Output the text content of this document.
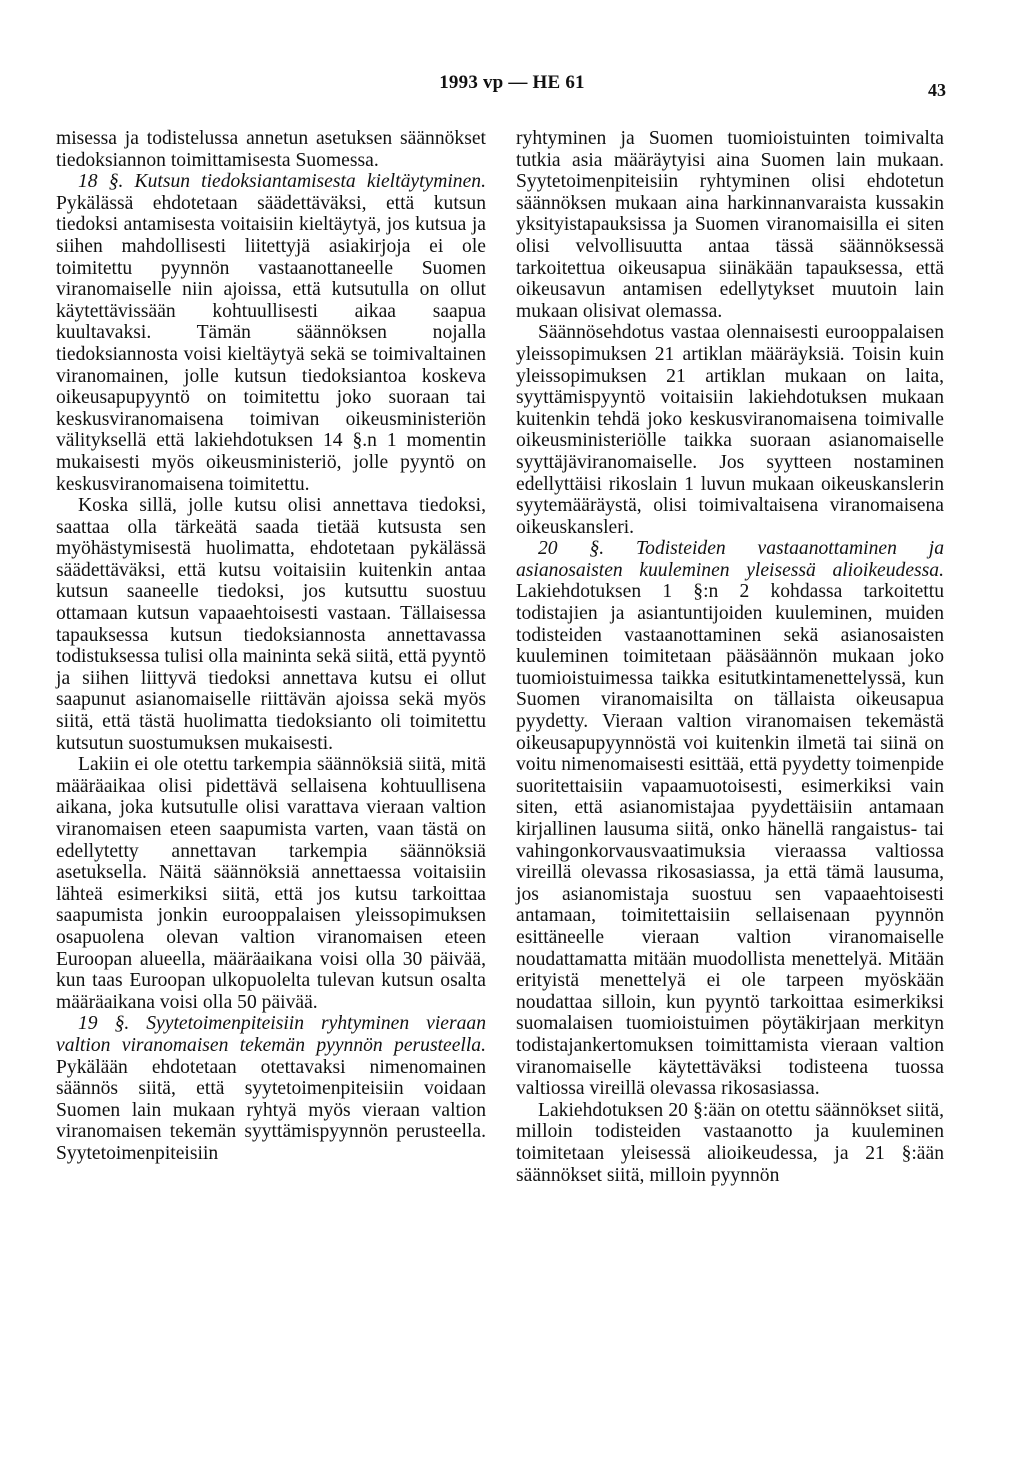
1993 vp — HE 61	43

misessa ja todistelussa annetun asetuksen säännökset tiedoksiannon toimittamisesta Suomessa.

18 §. Kutsun tiedoksiantamisesta kieltäytyminen. Pykälässä ehdotetaan säädettäväksi, että kutsun tiedoksi antamisesta voitaisiin kieltäytyä, jos kutsua ja siihen mahdollisesti liitettyjä asiakirjoja ei ole toimitettu pyynnön vastaanottaneelle Suomen viranomaiselle niin ajoissa, että kutsutulla on ollut käytettävissään kohtuullisesti aikaa saapua kuultavaksi. Tämän säännöksen nojalla tiedoksiannosta voisi kieltäytyä sekä se toimivaltainen viranomainen, jolle kutsun tiedoksiantoa koskeva oikeusapupyyntö on toimitettu joko suoraan tai keskusviranomaisena toimivan oikeusministeriön välityksellä että lakiehdotuksen 14 §.n 1 momentin mukaisesti myös oikeusministeriö, jolle pyyntö on keskusviranomaisena toimitettu.

Koska sillä, jolle kutsu olisi annettava tiedoksi, saattaa olla tärkeätä saada tietää kutsusta sen myöhästymisestä huolimatta, ehdotetaan pykälässä säädettäväksi, että kutsu voitaisiin kuitenkin antaa kutsun saaneelle tiedoksi, jos kutsuttu suostuu ottamaan kutsun vapaaehtoisesti vastaan. Tällaisessa tapauksessa kutsun tiedoksiannosta annettavassa todistuksessa tulisi olla maininta sekä siitä, että pyyntö ja siihen liittyvä tiedoksi annettava kutsu ei ollut saapunut asianomaiselle riittävän ajoissa sekä myös siitä, että tästä huolimatta tiedoksianto oli toimitettu kutsutun suostumuksen mukaisesti.

Lakiin ei ole otettu tarkempia säännöksiä siitä, mitä määräaikaa olisi pidettävä sellaisena kohtuullisena aikana, joka kutsutulle olisi varattava vieraan valtion viranomaisen eteen saapumista varten, vaan tästä on edellytetty annettavan tarkempia säännöksiä asetuksella. Näitä säännöksiä annettaessa voitaisiin lähteä esimerkiksi siitä, että jos kutsu tarkoittaa saapumista jonkin eurooppalaisen yleissopimuksen osapuolena olevan valtion viranomaisen eteen Euroopan alueella, määräaikana voisi olla 30 päivää, kun taas Euroopan ulkopuolelta tulevan kutsun osalta määräaikana voisi olla 50 päivää.

19 §. Syytetoimenpiteisiin ryhtyminen vieraan valtion viranomaisen tekemän pyynnön perusteella. Pykälään ehdotetaan otettavaksi nimenomainen säännös siitä, että syytetoimenpiteisiin voidaan Suomen lain mukaan ryhtyä myös vieraan valtion viranomaisen tekemän syyttämispyynnön perusteella. Syytetoimenpiteisiin

ryhtyminen ja Suomen tuomioistuinten toimivalta tutkia asia määräytyisi aina Suomen lain mukaan. Syytetoimenpiteisiin ryhtyminen olisi ehdotetun säännöksen mukaan aina harkinnanvaraista kussakin yksityistapauksissa ja Suomen viranomaisilla ei siten olisi velvollisuutta antaa tässä säännöksessä tarkoitettua oikeusapua siinäkään tapauksessa, että oikeusavun antamisen edellytykset muutoin lain mukaan olisivat olemassa.

Säännösehdotus vastaa olennaisesti eurooppalaisen yleissopimuksen 21 artiklan määräyksiä. Toisin kuin yleissopimuksen 21 artiklan mukaan on laita, syyttämispyyntö voitaisiin lakiehdotuksen mukaan kuitenkin tehdä joko keskusviranomaisena toimivalle oikeusministeriölle taikka suoraan asianomaiselle syyttäjäviranomaiselle. Jos syytteen nostaminen edellyttäisi rikoslain 1 luvun mukaan oikeuskanslerin syytemääräystä, olisi toimivaltaisena viranomaisena oikeuskansleri.

20 §. Todisteiden vastaanottaminen ja asianosaisten kuuleminen yleisessä alioikeudessa. Lakiehdotuksen 1 §:n 2 kohdassa tarkoitettu todistajien ja asiantuntijoiden kuuleminen, muiden todisteiden vastaanottaminen sekä asianosaisten kuuleminen toimitetaan pääsäännön mukaan joko tuomioistuimessa taikka esitutkintamenettelyssä, kun Suomen viranomaisilta on tällaista oikeusapua pyydetty. Vieraan valtion viranomaisen tekemästä oikeusapupyynnöstä voi kuitenkin ilmetä tai siinä on voitu nimenomaisesti esittää, että pyydetty toimenpide suoritettaisiin vapaamuotoisesti, esimerkiksi vain siten, että asianomistajaa pyydettäisiin antamaan kirjallinen lausuma siitä, onko hänellä rangaistus- tai vahingonkorvausvaatimuksia vieraassa valtiossa vireillä olevassa rikosasiassa, ja että tämä lausuma, jos asianomistaja suostuu sen vapaaehtoisesti antamaan, toimitettaisiin sellaisenaan pyynnön esittäneelle vieraan valtion viranomaiselle noudattamatta mitään muodollista menettelyä. Mitään erityistä menettelyä ei ole tarpeen myöskään noudattaa silloin, kun pyyntö tarkoittaa esimerkiksi suomalaisen tuomioistuimen pöytäkirjaan merkityn todistajankertomuksen toimittamista vieraan valtion viranomaiselle käytettäväksi todisteena tuossa valtiossa vireillä olevassa rikosasiassa.

Lakiehdotuksen 20 §:ään on otettu säännökset siitä, milloin todisteiden vastaanotto ja kuuleminen toimitetaan yleisessä alioikeudessa, ja 21 §:ään säännökset siitä, milloin pyynnön
